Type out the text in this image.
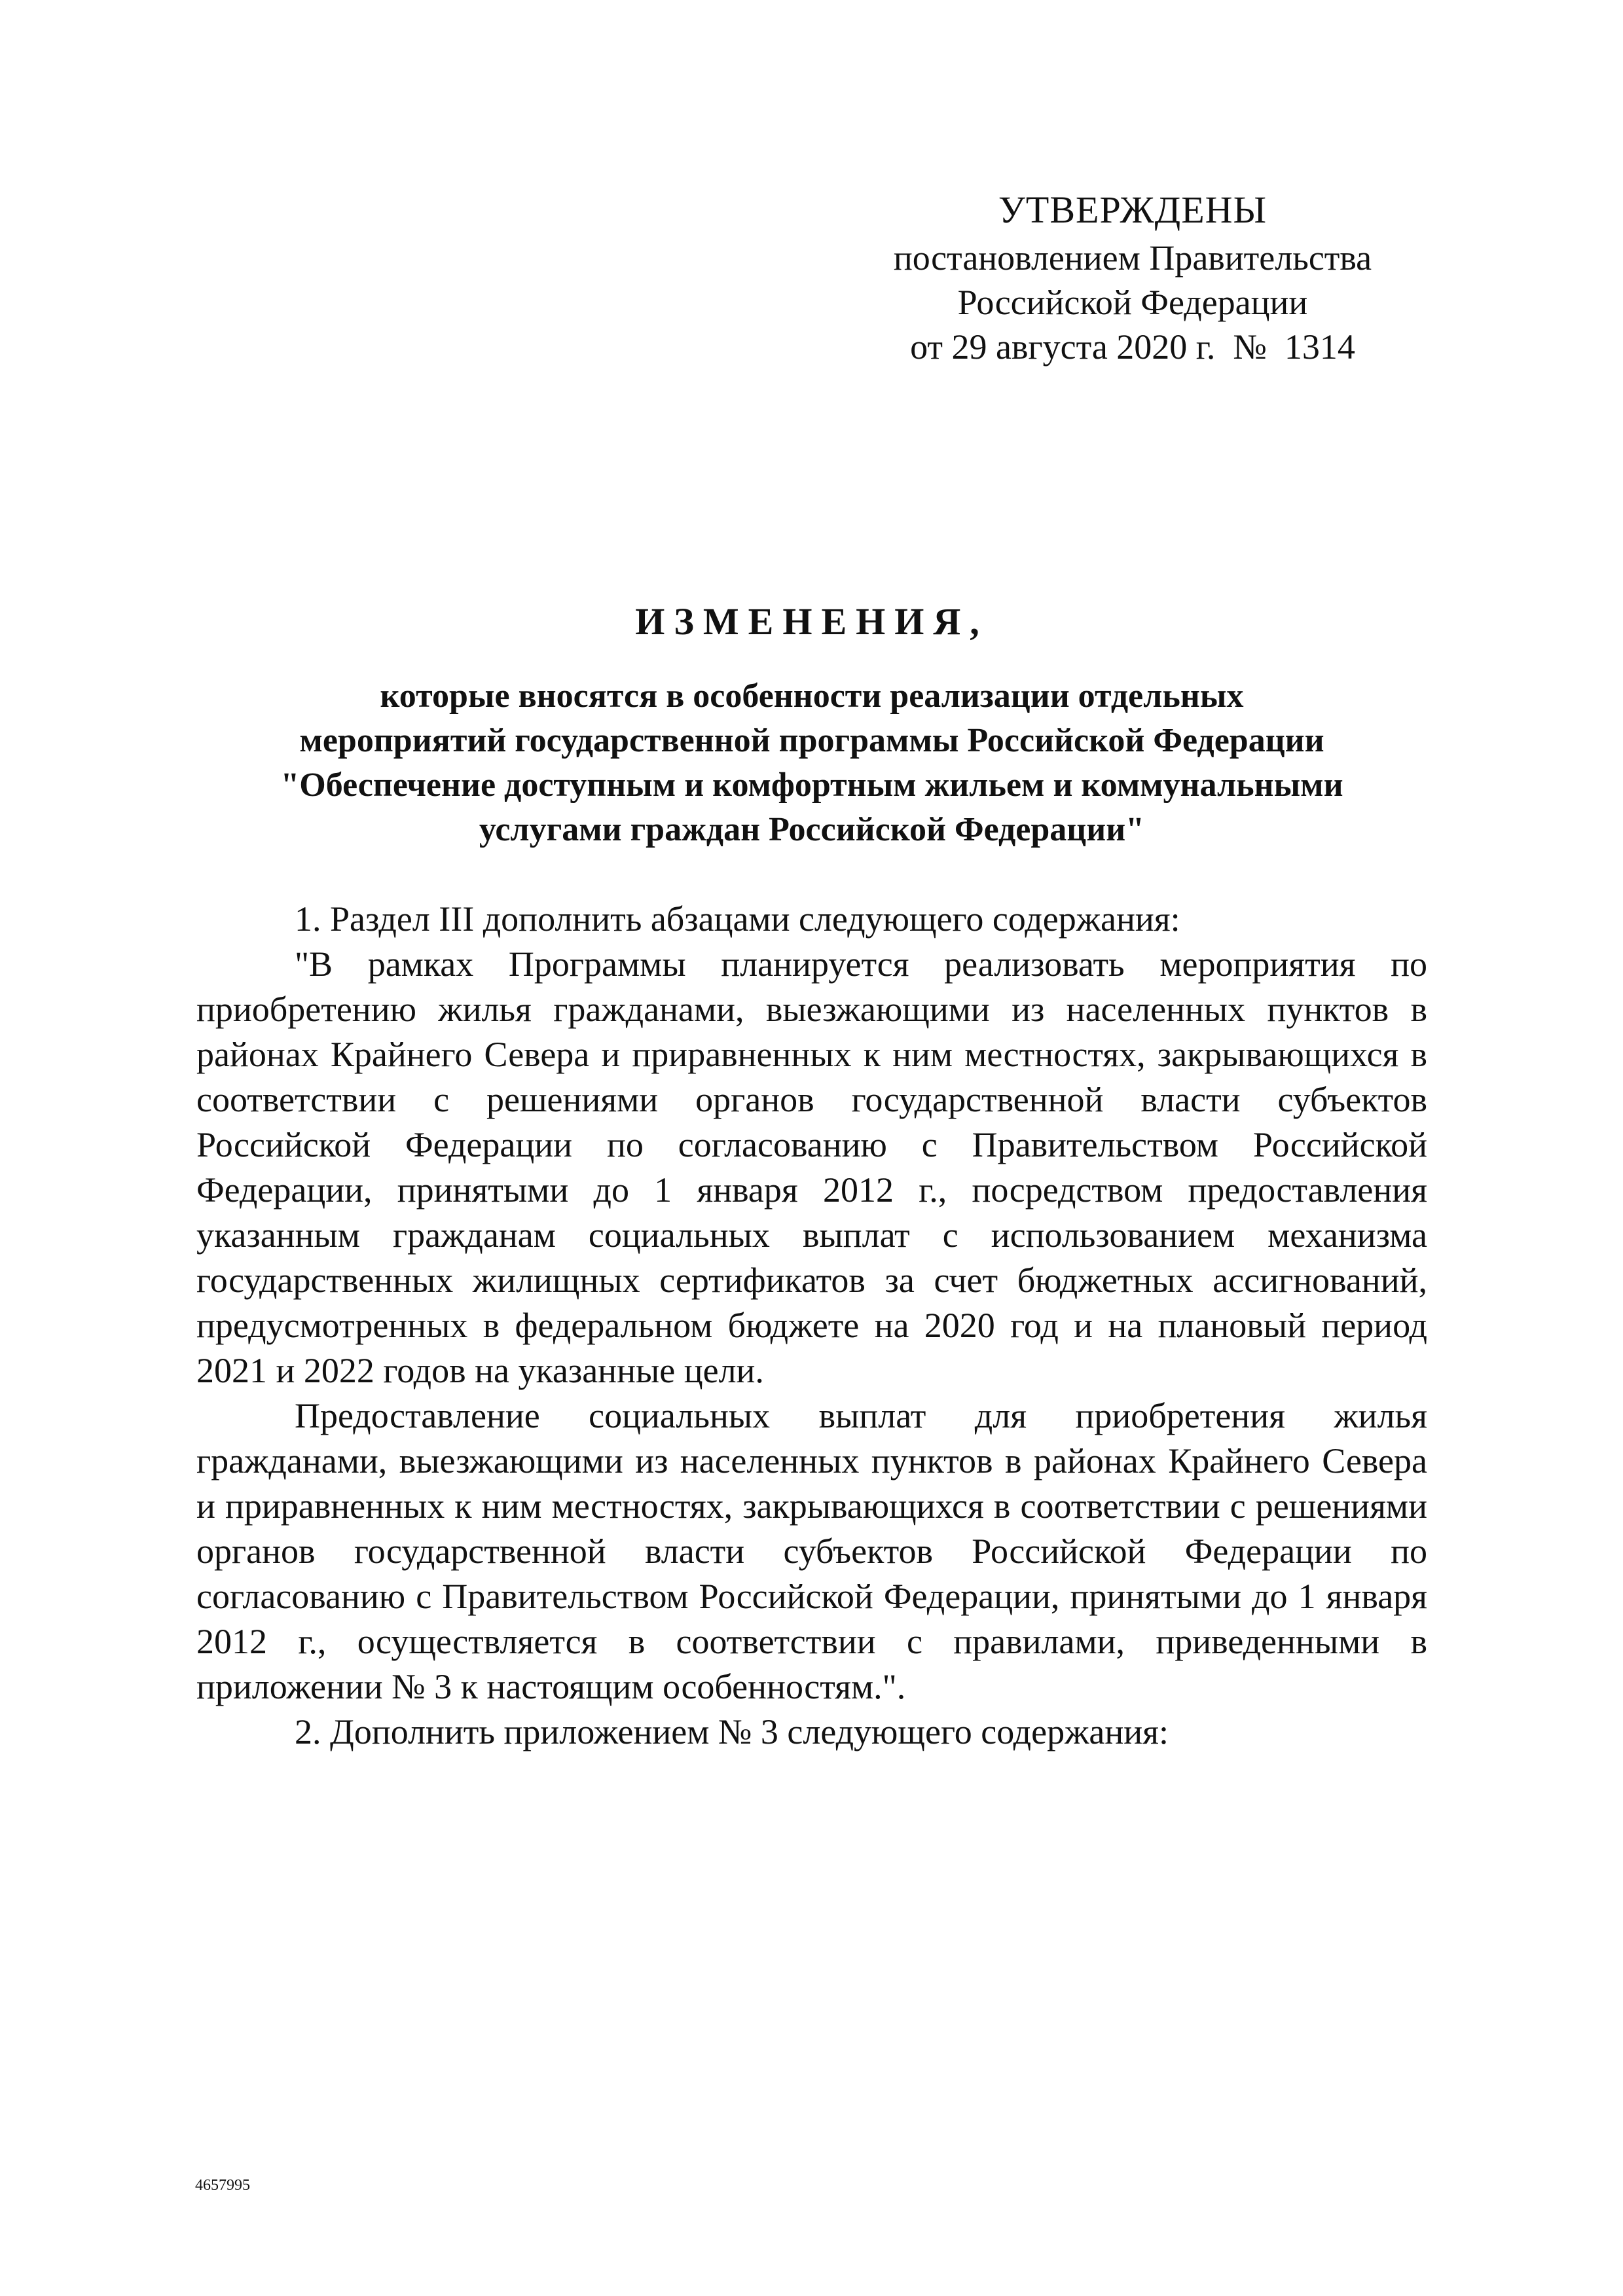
УТВЕРЖДЕНЫ
постановлением Правительства
Российской Федерации
от 29 августа 2020 г.  №  1314
ИЗМЕНЕНИЯ,
которые вносятся в особенности реализации отдельных
мероприятий государственной программы Российской Федерации
"Обеспечение доступным и комфортным жильем и коммунальными
услугами граждан Российской Федерации"

1. Раздел III дополнить абзацами следующего содержания:

"В рамках Программы планируется реализовать мероприятия по приобретению жилья гражданами, выезжающими из населенных пунктов в районах Крайнего Севера и приравненных к ним местностях, закрывающихся в соответствии с решениями органов государственной власти субъектов Российской Федерации по согласованию с Правительством Российской Федерации, принятыми до 1 января 2012 г., посредством предоставления указанным гражданам социальных выплат с использованием механизма государственных жилищных сертификатов за счет бюджетных ассигнований, предусмотренных в федеральном бюджете на 2020 год и на плановый период 2021 и 2022 годов на указанные цели.

Предоставление социальных выплат для приобретения жилья гражданами, выезжающими из населенных пунктов в районах Крайнего Севера и приравненных к ним местностях, закрывающихся в соответствии с решениями органов государственной власти субъектов Российской Федерации по согласованию с Правительством Российской Федерации, принятыми до 1 января 2012 г., осуществляется в соответствии с правилами, приведенными в приложении № 3 к настоящим особенностям.".

2. Дополнить приложением № 3 следующего содержания:

4657995
